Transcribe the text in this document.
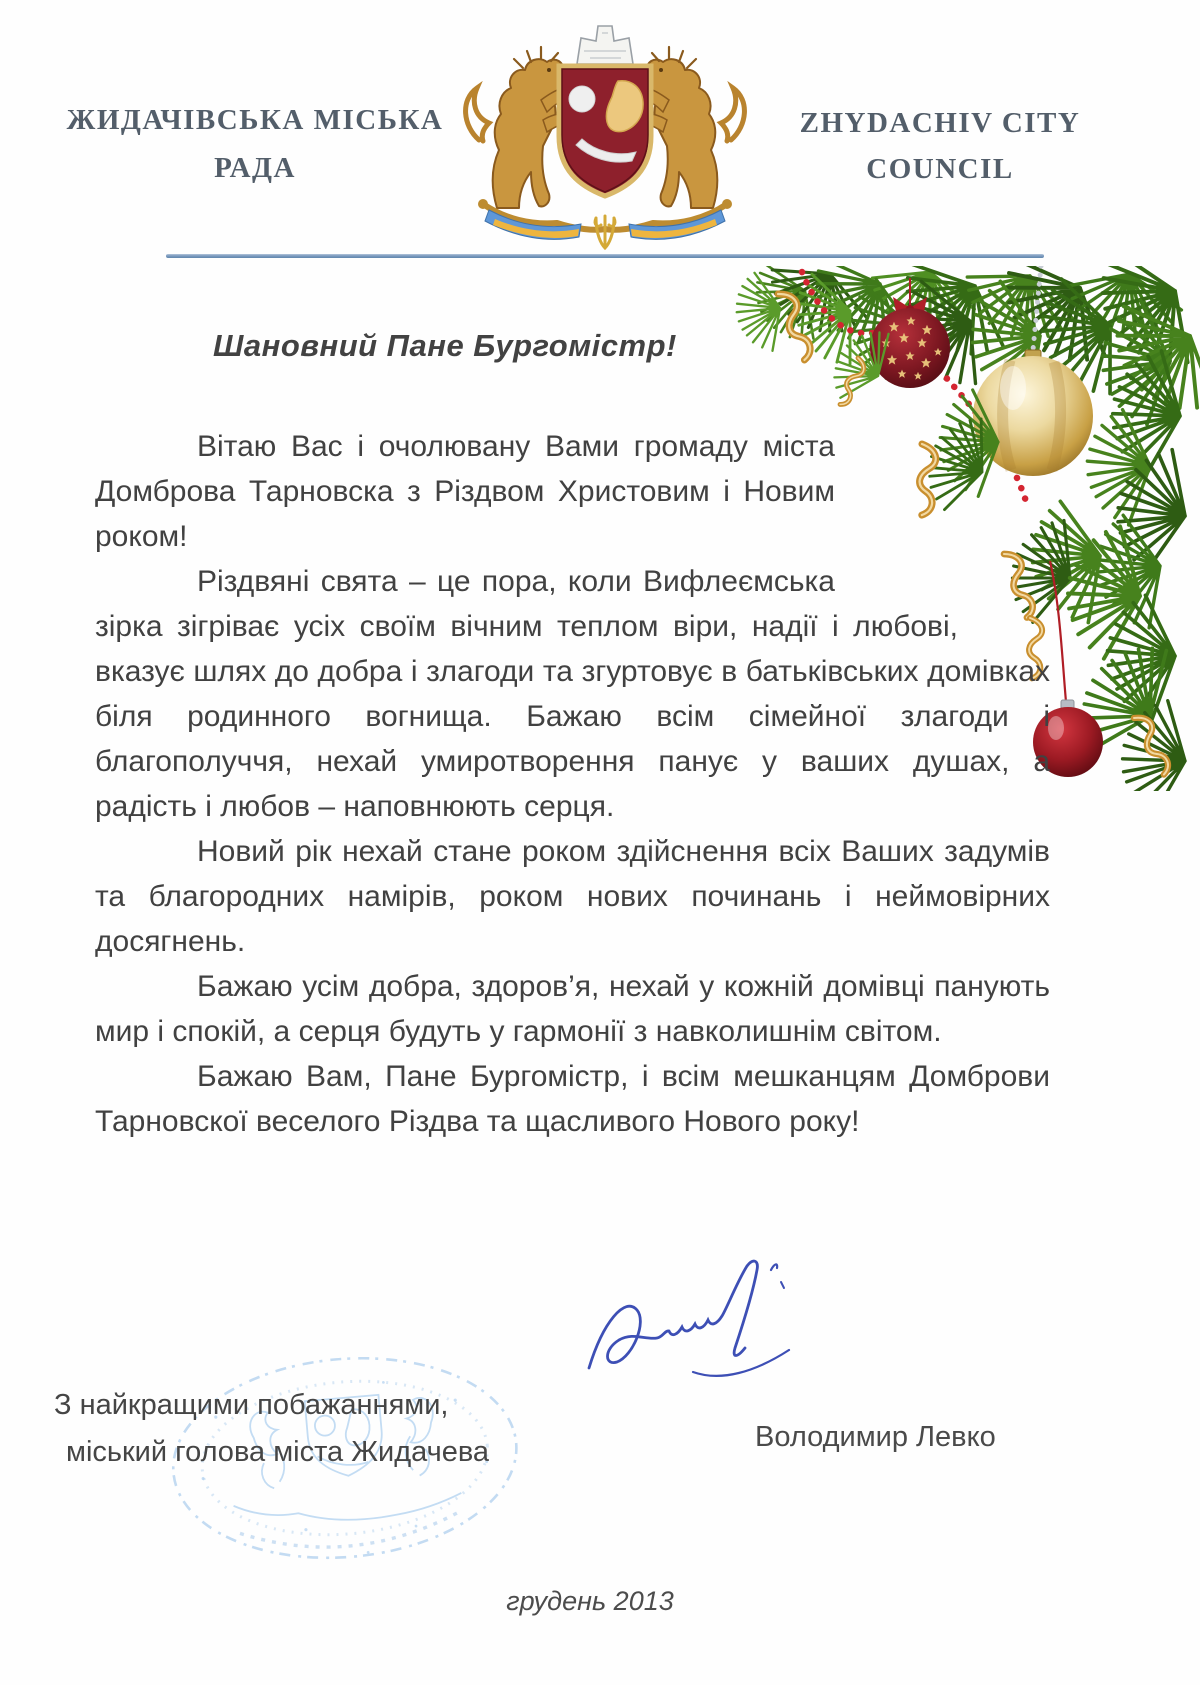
ЖИДАЧІВСЬКА МІСЬКА
РАДА
ZHYDACHIV CITY
COUNCIL
Шановний Пане Бургомістр!

Вітаю Вас і очолювану Вами громаду міста Домброва Тарновска з Різдвом Христовим і Новим роком!

Різдвяні свята – це пора, коли Вифлеємська зірка зігріває усіх своїм вічним теплом віри, надії і любові, вказує шлях до добра і злагоди та згуртовує в батьківських домівках біля родинного вогнища. Бажаю всім сімейної злагоди і благополуччя, нехай умиротворення панує у ваших душах, а радість і любов – наповнюють серця.

Новий рік нехай стане роком здійснення всіх Ваших задумів та благородних намірів, роком нових починань і неймовірних досягнень.

Бажаю усім добра, здоров’я, нехай у кожній домівці панують мир і спокій, а серця будуть у гармонії з навколишнім світом.

Бажаю Вам, Пане Бургомістр, і всім мешканцям Домброви Тарновскої веселого Різдва та щасливого Нового року!

З найкращими побажаннями,
міський голова міста Жидачева	Володимир Левко
грудень 2013
